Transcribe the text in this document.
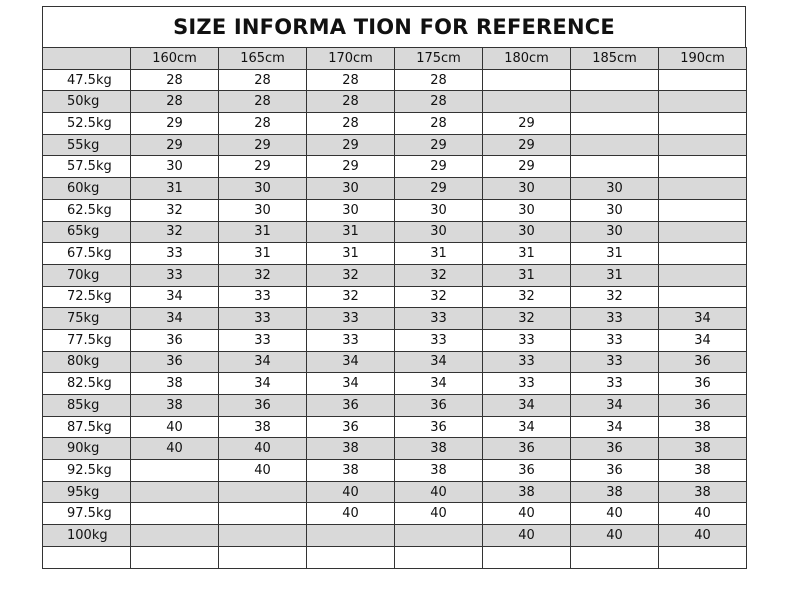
SIZE INFORMA TION FOR REFERENCE
	160cm	165cm	170cm	175cm	180cm	185cm	190cm
47.5kg	28	28	28	28			
50kg	28	28	28	28			
52.5kg	29	28	28	28	29		
55kg	29	29	29	29	29		
57.5kg	30	29	29	29	29		
60kg	31	30	30	29	30	30	
62.5kg	32	30	30	30	30	30	
65kg	32	31	31	30	30	30	
67.5kg	33	31	31	31	31	31	
70kg	33	32	32	32	31	31	
72.5kg	34	33	32	32	32	32	
75kg	34	33	33	33	32	33	34
77.5kg	36	33	33	33	33	33	34
80kg	36	34	34	34	33	33	36
82.5kg	38	34	34	34	33	33	36
85kg	38	36	36	36	34	34	36
87.5kg	40	38	36	36	34	34	38
90kg	40	40	38	38	36	36	38
92.5kg		40	38	38	36	36	38
95kg			40	40	38	38	38
97.5kg			40	40	40	40	40
100kg					40	40	40
